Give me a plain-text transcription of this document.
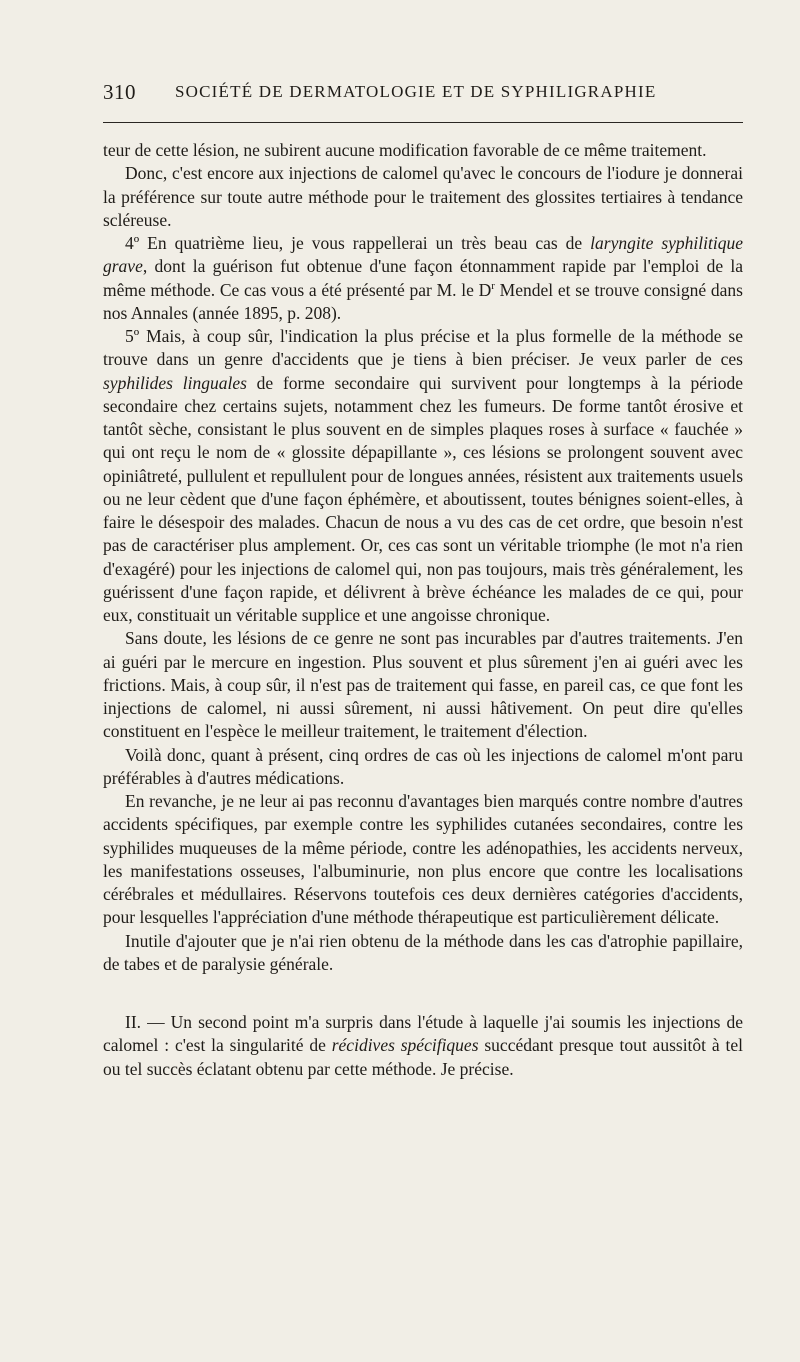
310 SOCIÉTÉ DE DERMATOLOGIE ET DE SYPHILIGRAPHIE

teur de cette lésion, ne subirent aucune modification favorable de ce même traitement.

Donc, c'est encore aux injections de calomel qu'avec le concours de l'iodure je donnerai la préférence sur toute autre méthode pour le traitement des glossites tertiaires à tendance scléreuse.

4º En quatrième lieu, je vous rappellerai un très beau cas de laryngite syphilitique grave, dont la guérison fut obtenue d'une façon étonnamment rapide par l'emploi de la même méthode. Ce cas vous a été présenté par M. le $D^r$ Mendel et se trouve consigné dans nos Annales (année 1895, p. 208).

5º Mais, à coup sûr, l'indication la plus précise et la plus formelle de la méthode se trouve dans un genre d'accidents que je tiens à bien préciser. Je veux parler de ces syphilides linguales de forme secondaire qui survivent pour longtemps à la période secondaire chez certains sujets, notamment chez les fumeurs. De forme tantôt érosive et tantôt sèche, consistant le plus souvent en de simples plaques roses à surface « fauchée » qui ont reçu le nom de « glossite dépapillante », ces lésions se prolongent souvent avec opiniâtreté, pullulent et repullulent pour de longues années, résistent aux traitements usuels ou ne leur cèdent que d'une façon éphémère, et aboutissent, toutes bénignes soient-elles, à faire le désespoir des malades. Chacun de nous a vu des cas de cet ordre, que besoin n'est pas de caractériser plus amplement. Or, ces cas sont un véritable triomphe (le mot n'a rien d'exagéré) pour les injections de calomel qui, non pas toujours, mais très généralement, les guérissent d'une façon rapide, et délivrent à brève échéance les malades de ce qui, pour eux, constituait un véritable supplice et une angoisse chronique.

Sans doute, les lésions de ce genre ne sont pas incurables par d'autres traitements. J'en ai guéri par le mercure en ingestion. Plus souvent et plus sûrement j'en ai guéri avec les frictions. Mais, à coup sûr, il n'est pas de traitement qui fasse, en pareil cas, ce que font les injections de calomel, ni aussi sûrement, ni aussi hâtivement. On peut dire qu'elles constituent en l'espèce le meilleur traitement, le traitement d'élection.

Voilà donc, quant à présent, cinq ordres de cas où les injections de calomel m'ont paru préférables à d'autres médications.

En revanche, je ne leur ai pas reconnu d'avantages bien marqués contre nombre d'autres accidents spécifiques, par exemple contre les syphilides cutanées secondaires, contre les syphilides muqueuses de la même période, contre les adénopathies, les accidents nerveux, les manifestations osseuses, l'albuminurie, non plus encore que contre les localisations cérébrales et médullaires. Réservons toutefois ces deux dernières catégories d'accidents, pour lesquelles l'appréciation d'une méthode thérapeutique est particulièrement délicate.

Inutile d'ajouter que je n'ai rien obtenu de la méthode dans les cas d'atrophie papillaire, de tabes et de paralysie générale.

II. — Un second point m'a surpris dans l'étude à laquelle j'ai soumis les injections de calomel : c'est la singularité de récidives spécifiques succédant presque tout aussitôt à tel ou tel succès éclatant obtenu par cette méthode. Je précise.
